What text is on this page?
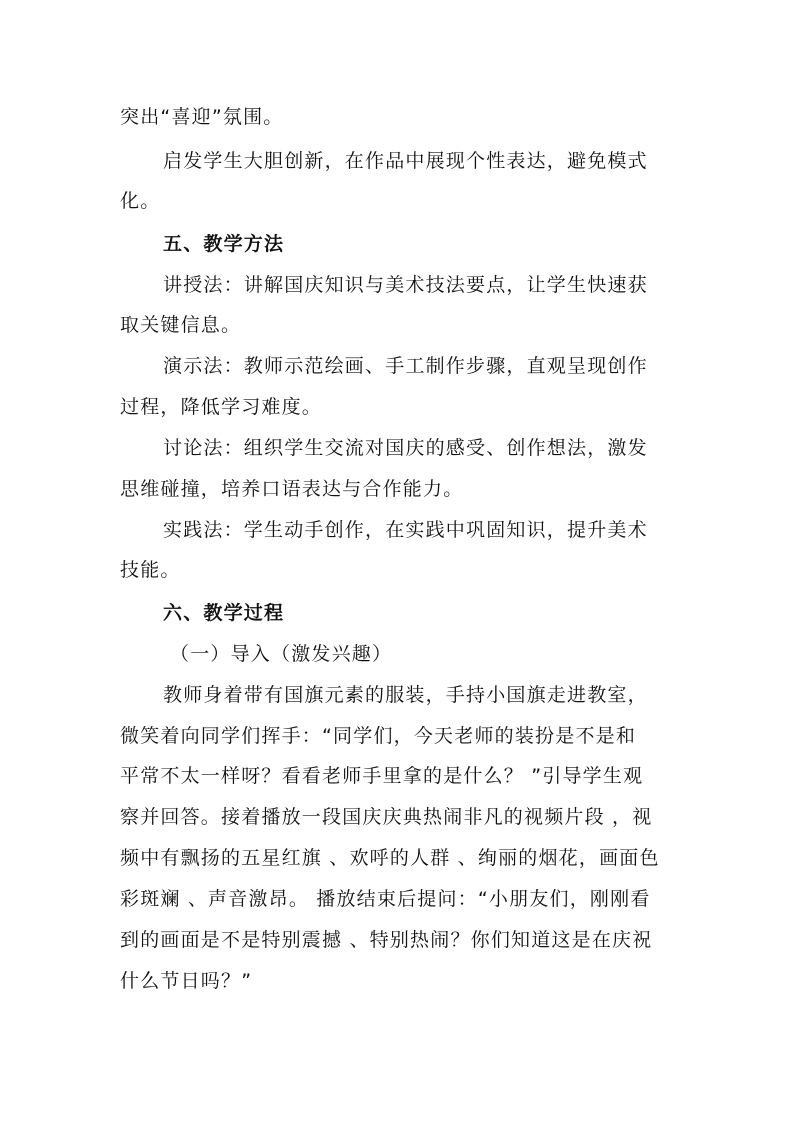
突出“喜迎”氛围。
启发学生大胆创新，在作品中展现个性表达，避免模式
化。
五、教学方法
讲授法：讲解国庆知识与美术技法要点，让学生快速获
取关键信息。
演示法：教师示范绘画、手工制作步骤，直观呈现创作
过程，降低学习难度。
讨论法：组织学生交流对国庆的感受、创作想法，激发
思维碰撞，培养口语表达与合作能力。
实践法：学生动手创作，在实践中巩固知识，提升美术
技能。
六、教学过程
（一）导入（激发兴趣）
教师身着带有国旗元素的服装，手持小国旗走进教室，
微笑着向同学们挥手：“同学们，今天老师的装扮是不是和
平常不太一样呀？看看老师手里拿的是什么？ ”引导学生观
察并回答。接着播放一段国庆庆典热闹非凡的视频片段 ，视
频中有飘扬的五星红旗 、欢呼的人群 、绚丽的烟花，画面色
彩斑斓 、声音激昂。 播放结束后提问：“小朋友们，刚刚看
到的画面是不是特别震撼 、特别热闹？你们知道这是在庆祝
什么节日吗？”
